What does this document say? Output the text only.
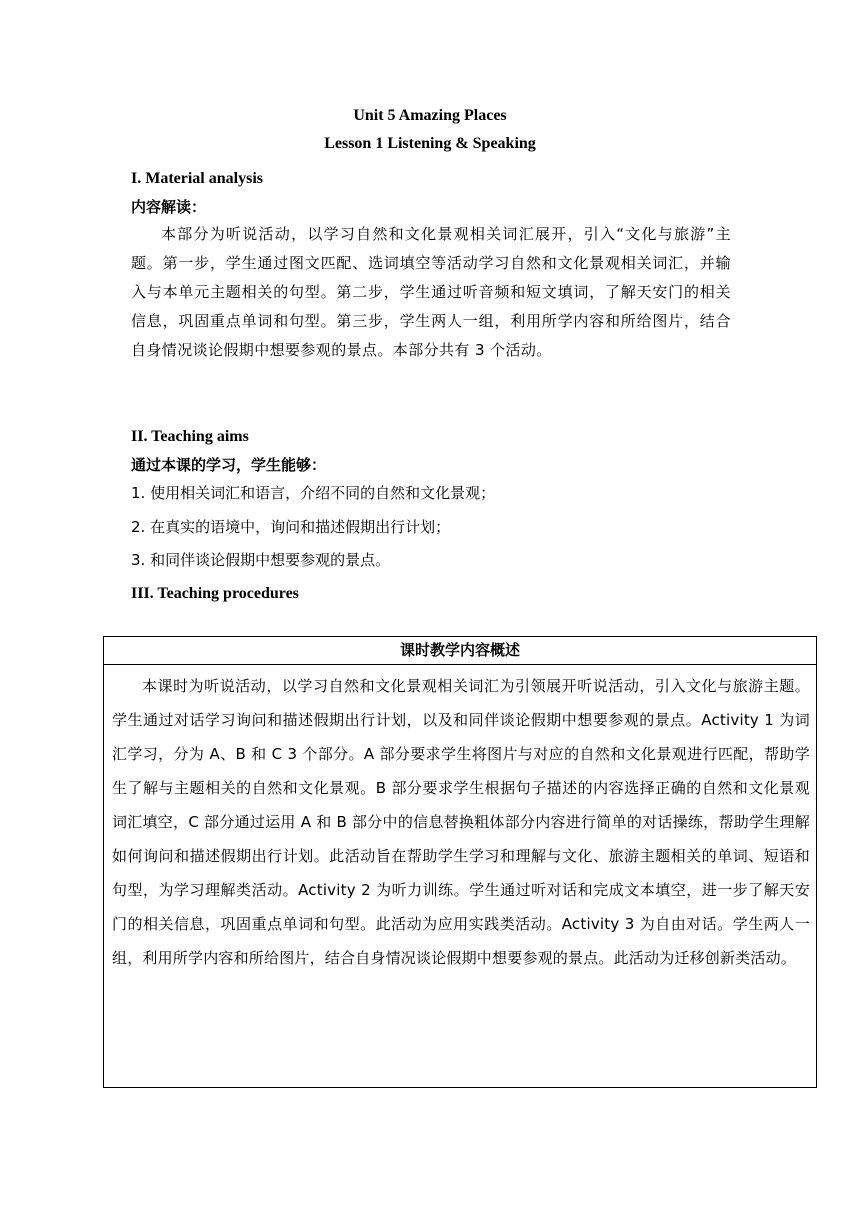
Unit 5 Amazing Places
Lesson 1 Listening & Speaking
I. Material analysis
内容解读：
本部分为听说活动，以学习自然和文化景观相关词汇展开，引入“文化与旅游”主题。第一步，学生通过图文匹配、选词填空等活动学习自然和文化景观相关词汇，并输入与本单元主题相关的句型。第二步，学生通过听音频和短文填词，了解天安门的相关信息，巩固重点单词和句型。第三步，学生两人一组，利用所学内容和所给图片，结合自身情况谈论假期中想要参观的景点。本部分共有 3 个活动。
II. Teaching aims
通过本课的学习，学生能够：
1. 使用相关词汇和语言，介绍不同的自然和文化景观；
2. 在真实的语境中，询问和描述假期出行计划；
3. 和同伴谈论假期中想要参观的景点。
III. Teaching procedures
课时教学内容概述
本课时为听说活动，以学习自然和文化景观相关词汇为引领展开听说活动，引入文化与旅游主题。学生通过对话学习询问和描述假期出行计划，以及和同伴谈论假期中想要参观的景点。Activity 1 为词汇学习，分为 A、B 和 C 3 个部分。A 部分要求学生将图片与对应的自然和文化景观进行匹配，帮助学生了解与主题相关的自然和文化景观。B 部分要求学生根据句子描述的内容选择正确的自然和文化景观词汇填空，C 部分通过运用 A 和 B 部分中的信息替换粗体部分内容进行简单的对话操练，帮助学生理解如何询问和描述假期出行计划。此活动旨在帮助学生学习和理解与文化、旅游主题相关的单词、短语和句型，为学习理解类活动。Activity 2 为听力训练。学生通过听对话和完成文本填空，进一步了解天安门的相关信息，巩固重点单词和句型。此活动为应用实践类活动。Activity 3 为自由对话。学生两人一组，利用所学内容和所给图片，结合自身情况谈论假期中想要参观的景点。此活动为迁移创新类活动。
